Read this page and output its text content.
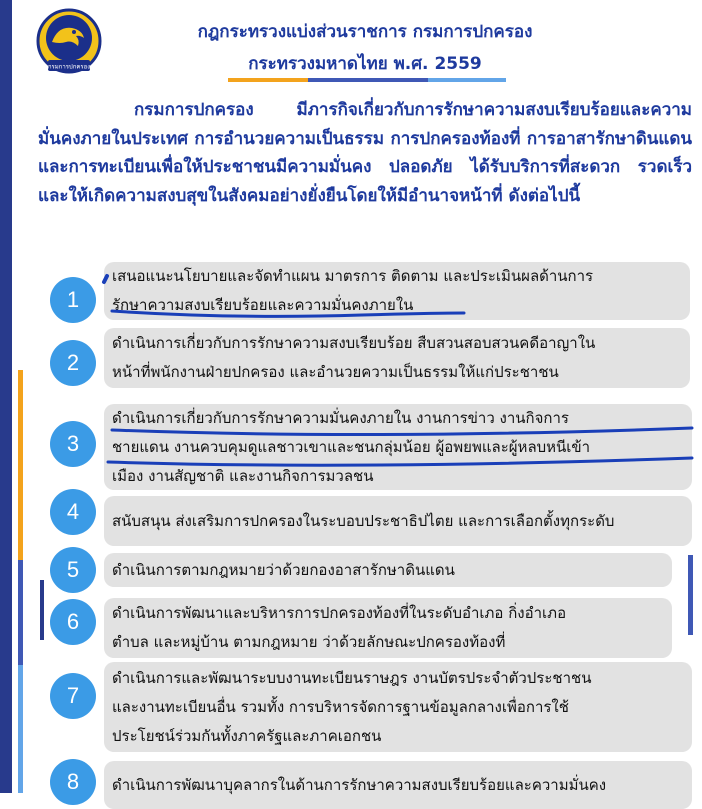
กรมการปกครอง
กฎกระทรวงแบ่งส่วนราชการ กรมการปกครอง
กระทรวงมหาดไทย พ.ศ. 2559
กรมการปกครอง มีภารกิจเกี่ยวกับการรักษาความสงบเรียบร้อยและความมั่นคงภายในประเทศ การอำนวยความเป็นธรรม การปกครองท้องที่ การอาสารักษาดินแดน และการทะเบียนเพื่อให้ประชาชนมีความมั่นคง ปลอดภัย ได้รับบริการที่สะดวก รวดเร็ว และให้เกิดความสงบสุขในสังคมอย่างยั่งยืนโดยให้มีอำนาจหน้าที่ ดังต่อไปนี้
1
เสนอแนะนโยบายและจัดทำแผน มาตรการ ติดตาม และประเมินผลด้านการ
รักษาความสงบเรียบร้อยและความมั่นคงภายใน
2
ดำเนินการเกี่ยวกับการรักษาความสงบเรียบร้อย สืบสวนสอบสวนคดีอาญาใน
หน้าที่พนักงานฝ่ายปกครอง และอำนวยความเป็นธรรมให้แก่ประชาชน
3
ดำเนินการเกี่ยวกับการรักษาความมั่นคงภายใน งานการข่าว งานกิจการ
ชายแดน งานควบคุมดูแลชาวเขาและชนกลุ่มน้อย ผู้อพยพและผู้หลบหนีเข้า
เมือง งานสัญชาติ และงานกิจการมวลชน
4	สนับสนุน ส่งเสริมการปกครองในระบอบประชาธิปไตย และการเลือกตั้งทุกระดับ
5	ดำเนินการตามกฎหมายว่าด้วยกองอาสารักษาดินแดน
6	ดำเนินการพัฒนาและบริหารการปกครองท้องที่ในระดับอำเภอ กิ่งอำเภอ
ตำบล และหมู่บ้าน ตามกฎหมาย ว่าด้วยลักษณะปกครองท้องที่
7
ดำเนินการและพัฒนาระบบงานทะเบียนราษฎร งานบัตรประจำตัวประชาชน
และงานทะเบียนอื่น รวมทั้ง การบริหารจัดการฐานข้อมูลกลางเพื่อการใช้
ประโยชน์ร่วมกันทั้งภาครัฐและภาคเอกชน
8	ดำเนินการพัฒนาบุคลากรในด้านการรักษาความสงบเรียบร้อยและความมั่นคง
